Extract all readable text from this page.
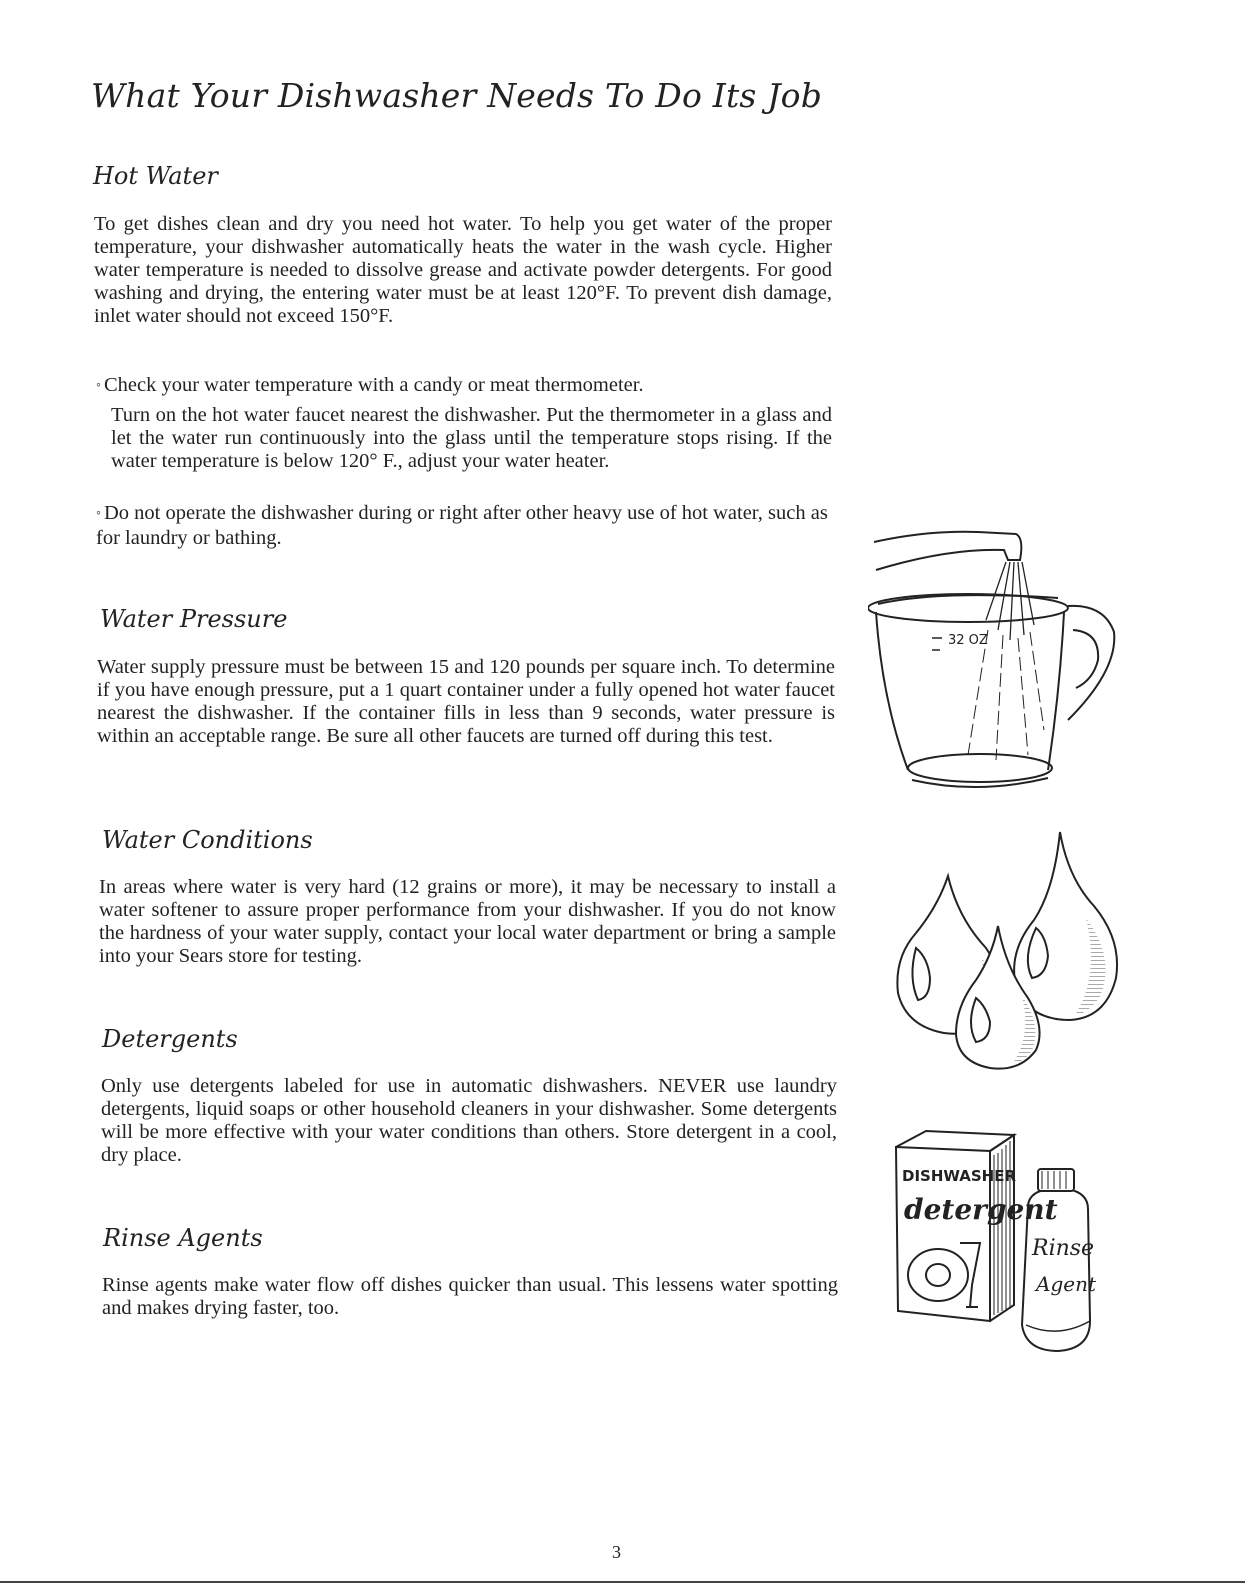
What Your Dishwasher Needs To Do Its Job
Hot Water

To get dishes clean and dry you need hot water. To help you get water of the proper temperature, your dishwasher automatically heats the water in the wash cycle. Higher water temperature is needed to dissolve grease and activate powder detergents. For good washing and drying, the entering water must be at least 120°F. To prevent dish damage, inlet water should not exceed 150°F.

◦ Check your water temperature with a candy or meat thermometer.

Turn on the hot water faucet nearest the dishwasher. Put the thermometer in a glass and let the water run continuously into the glass until the temperature stops rising. If the water temperature is below 120° F., adjust your water heater.

◦ Do not operate the dishwasher during or right after other heavy use of hot water, such as for laundry or bathing.

Water Pressure

Water supply pressure must be between 15 and 120 pounds per square inch. To determine if you have enough pressure, put a 1 quart container under a fully opened hot water faucet nearest the dishwasher. If the container fills in less than 9 seconds, water pressure is within an acceptable range. Be sure all other faucets are turned off during this test.

Water Conditions

In areas where water is very hard (12 grains or more), it may be necessary to install a water softener to assure proper performance from your dishwasher. If you do not know the hardness of your water supply, contact your local water department or bring a sample into your Sears store for testing.

Detergents

Only use detergents labeled for use in automatic dishwashers. NEVER use laundry detergents, liquid soaps or other household cleaners in your dishwasher. Some detergents will be more effective with your water conditions than others. Store detergent in a cool, dry place.

Rinse Agents

Rinse agents make water flow off dishes quicker than usual. This lessens water spotting and makes drying faster, too.

32 OZ
DISHWASHER
detergent
Rinse
Agent
3
